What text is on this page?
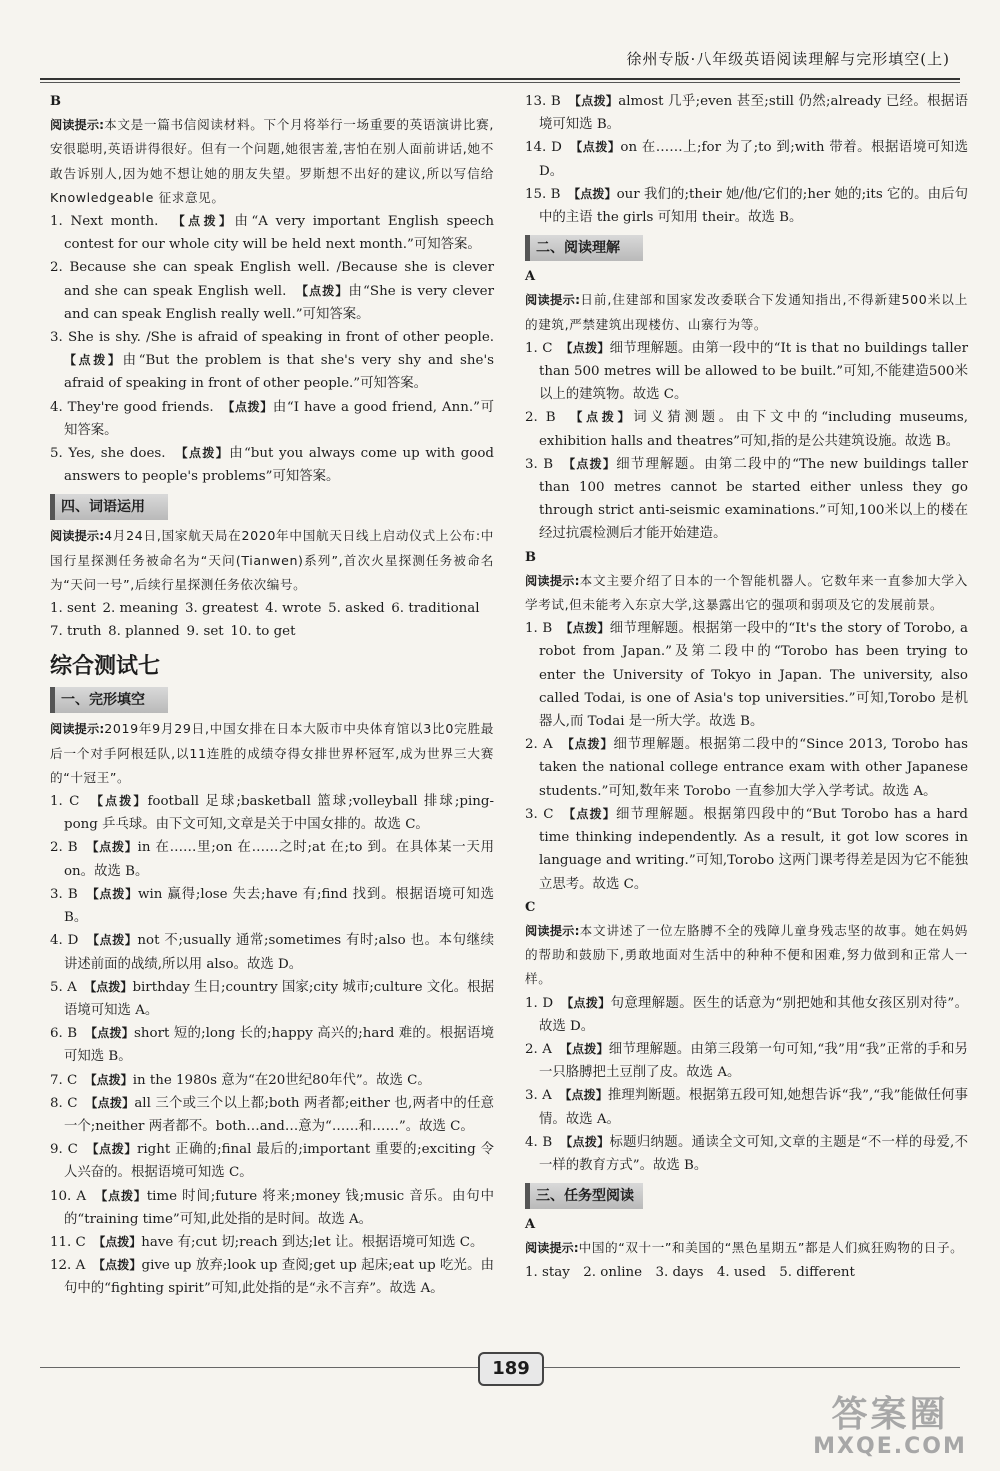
徐州专版·八年级英语阅读理解与完形填空(上)

B

阅读提示:本文是一篇书信阅读材料。下个月将举行一场重要的英语演讲比赛,安很聪明,英语讲得很好。但有一个问题,她很害羞,害怕在别人面前讲话,她不敢告诉别人,因为她不想让她的朋友失望。罗斯想不出好的建议,所以写信给 Knowledgeable 征求意见。

1. Next month.　【点拨】由“A very important English speech contest for our whole city will be held next month.”可知答案。

2. Because she can speak English well. /Because she is clever and she can speak English well.　【点拨】由“She is very clever and can speak English really well.”可知答案。

3. She is shy. /She is afraid of speaking in front of other people. 【点拨】由“But the problem is that she's very shy and she's afraid of speaking in front of other people.”可知答案。

4. They're good friends.　【点拨】由“I have a good friend, Ann.”可知答案。

5. Yes, she does.　【点拨】由“but you always come up with good answers to people's problems”可知答案。

四、词语运用

阅读提示:4月24日,国家航天局在2020年中国航天日线上启动仪式上公布:中国行星探测任务被命名为“天问(Tianwen)系列”,首次火星探测任务被命名为“天问一号”,后续行星探测任务依次编号。

1. sent 2. meaning 3. greatest 4. wrote 5. asked 6. traditional

7. truth 8. planned 9. set 10. to get

综合测试七
一、完形填空

阅读提示:2019年9月29日,中国女排在日本大阪市中央体育馆以3比0完胜最后一个对手阿根廷队,以11连胜的成绩夺得女排世界杯冠军,成为世界三大赛的“十冠王”。

1. C　【点拨】football 足球;basketball 篮球;volleyball 排球;ping-pong 乒乓球。由下文可知,文章是关于中国女排的。故选 C。

2. B　【点拨】in 在……里;on 在……之时;at 在;to 到。在具体某一天用 on。故选 B。

3. B　【点拨】win 赢得;lose 失去;have 有;find 找到。根据语境可知选 B。

4. D　【点拨】not 不;usually 通常;sometimes 有时;also 也。本句继续讲述前面的战绩,所以用 also。故选 D。

5. A　【点拨】birthday 生日;country 国家;city 城市;culture 文化。根据语境可知选 A。

6. B　【点拨】short 短的;long 长的;happy 高兴的;hard 难的。根据语境可知选 B。

7. C　【点拨】in the 1980s 意为“在20世纪80年代”。故选 C。

8. C　【点拨】all 三个或三个以上都;both 两者都;either 也,两者中的任意一个;neither 两者都不。both…and…意为“……和……”。故选 C。

9. C　【点拨】right 正确的;final 最后的;important 重要的;exciting 令人兴奋的。根据语境可知选 C。

10. A　【点拨】time 时间;future 将来;money 钱;music 音乐。由句中的“training time”可知,此处指的是时间。故选 A。

11. C　【点拨】have 有;cut 切;reach 到达;let 让。根据语境可知选 C。

12. A　【点拨】give up 放弃;look up 查阅;get up 起床;eat up 吃光。由句中的“fighting spirit”可知,此处指的是“永不言弃”。故选 A。

13. B　【点拨】almost 几乎;even 甚至;still 仍然;already 已经。根据语境可知选 B。

14. D　【点拨】on 在……上;for 为了;to 到;with 带着。根据语境可知选 D。

15. B　【点拨】our 我们的;their 她/他/它们的;her 她的;its 它的。由后句中的主语 the girls 可知用 their。故选 B。

二、阅读理解

A

阅读提示:日前,住建部和国家发改委联合下发通知指出,不得新建500米以上的建筑,严禁建筑出现楼仿、山寨行为等。

1. C　【点拨】细节理解题。由第一段中的“It is that no buildings taller than 500 metres will be allowed to be built.”可知,不能建造500米以上的建筑物。故选 C。

2. B　【点拨】词义猜测题。由下文中的“including museums, exhibition halls and theatres”可知,指的是公共建筑设施。故选 B。

3. B　【点拨】细节理解题。由第二段中的“The new buildings taller than 100 metres cannot be started either unless they go through strict anti-seismic examinations.”可知,100米以上的楼在经过抗震检测后才能开始建造。

B

阅读提示:本文主要介绍了日本的一个智能机器人。它数年来一直参加大学入学考试,但未能考入东京大学,这暴露出它的强项和弱项及它的发展前景。

1. B　【点拨】细节理解题。根据第一段中的“It's the story of Torobo, a robot from Japan.”及第二段中的“Torobo has been trying to enter the University of Tokyo in Japan. The university, also called Todai, is one of Asia's top universities.”可知,Torobo 是机器人,而 Todai 是一所大学。故选 B。

2. A　【点拨】细节理解题。根据第二段中的“Since 2013, Torobo has taken the national college entrance exam with other Japanese students.”可知,数年来 Torobo 一直参加大学入学考试。故选 A。

3. C　【点拨】细节理解题。根据第四段中的“But Torobo has a hard time thinking independently. As a result, it got low scores in language and writing.”可知,Torobo 这两门课考得差是因为它不能独立思考。故选 C。

C

阅读提示:本文讲述了一位左胳膊不全的残障儿童身残志坚的故事。她在妈妈的帮助和鼓励下,勇敢地面对生活中的种种不便和困难,努力做到和正常人一样。

1. D　【点拨】句意理解题。医生的话意为“别把她和其他女孩区别对待”。故选 D。

2. A　【点拨】细节理解题。由第三段第一句可知,“我”用“我”正常的手和另一只胳膊把土豆削了皮。故选 A。

3. A　【点拨】推理判断题。根据第五段可知,她想告诉“我”,“我”能做任何事情。故选 A。

4. B　【点拨】标题归纳题。通读全文可知,文章的主题是“不一样的母爱,不一样的教育方式”。故选 B。

三、任务型阅读

A

阅读提示:中国的“双十一”和美国的“黑色星期五”都是人们疯狂购物的日子。

1. stay 2. online 3. days 4. used 5. different

189
答案圈
MXQE.COM
